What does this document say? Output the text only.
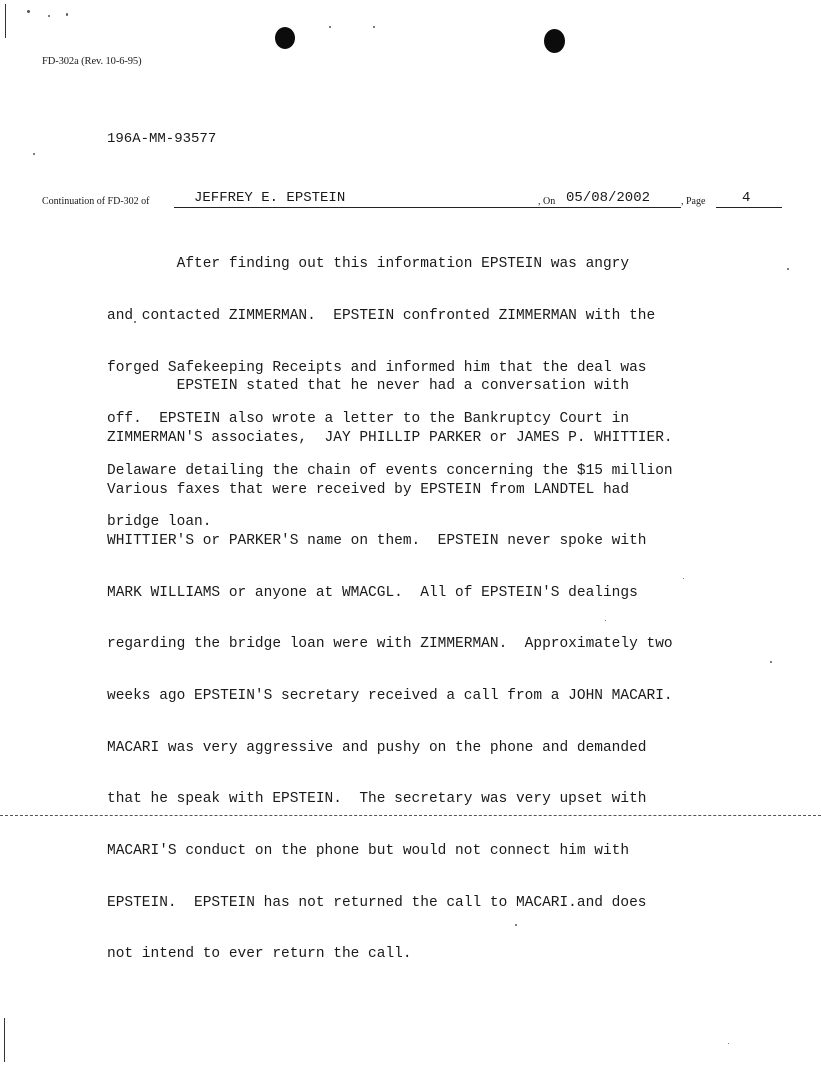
FD-302a (Rev. 10-6-95)
196A-MM-93577
Continuation of FD-302 of	JEFFREY E. EPSTEIN	, On 05/08/2002	, Page	4

After finding out this information EPSTEIN was angry

and contacted ZIMMERMAN.  EPSTEIN confronted ZIMMERMAN with the

forged Safekeeping Receipts and informed him that the deal was

off.  EPSTEIN also wrote a letter to the Bankruptcy Court in

Delaware detailing the chain of events concerning the $15 million

bridge loan.

EPSTEIN stated that he never had a conversation with

ZIMMERMAN'S associates,  JAY PHILLIP PARKER or JAMES P. WHITTIER.

Various faxes that were received by EPSTEIN from LANDTEL had

WHITTIER'S or PARKER'S name on them.  EPSTEIN never spoke with

MARK WILLIAMS or anyone at WMACGL.  All of EPSTEIN'S dealings

regarding the bridge loan were with ZIMMERMAN.  Approximately two

weeks ago EPSTEIN'S secretary received a call from a JOHN MACARI.

MACARI was very aggressive and pushy on the phone and demanded

that he speak with EPSTEIN.  The secretary was very upset with

MACARI'S conduct on the phone but would not connect him with

EPSTEIN.  EPSTEIN has not returned the call to MACARI.and does

not intend to ever return the call.
